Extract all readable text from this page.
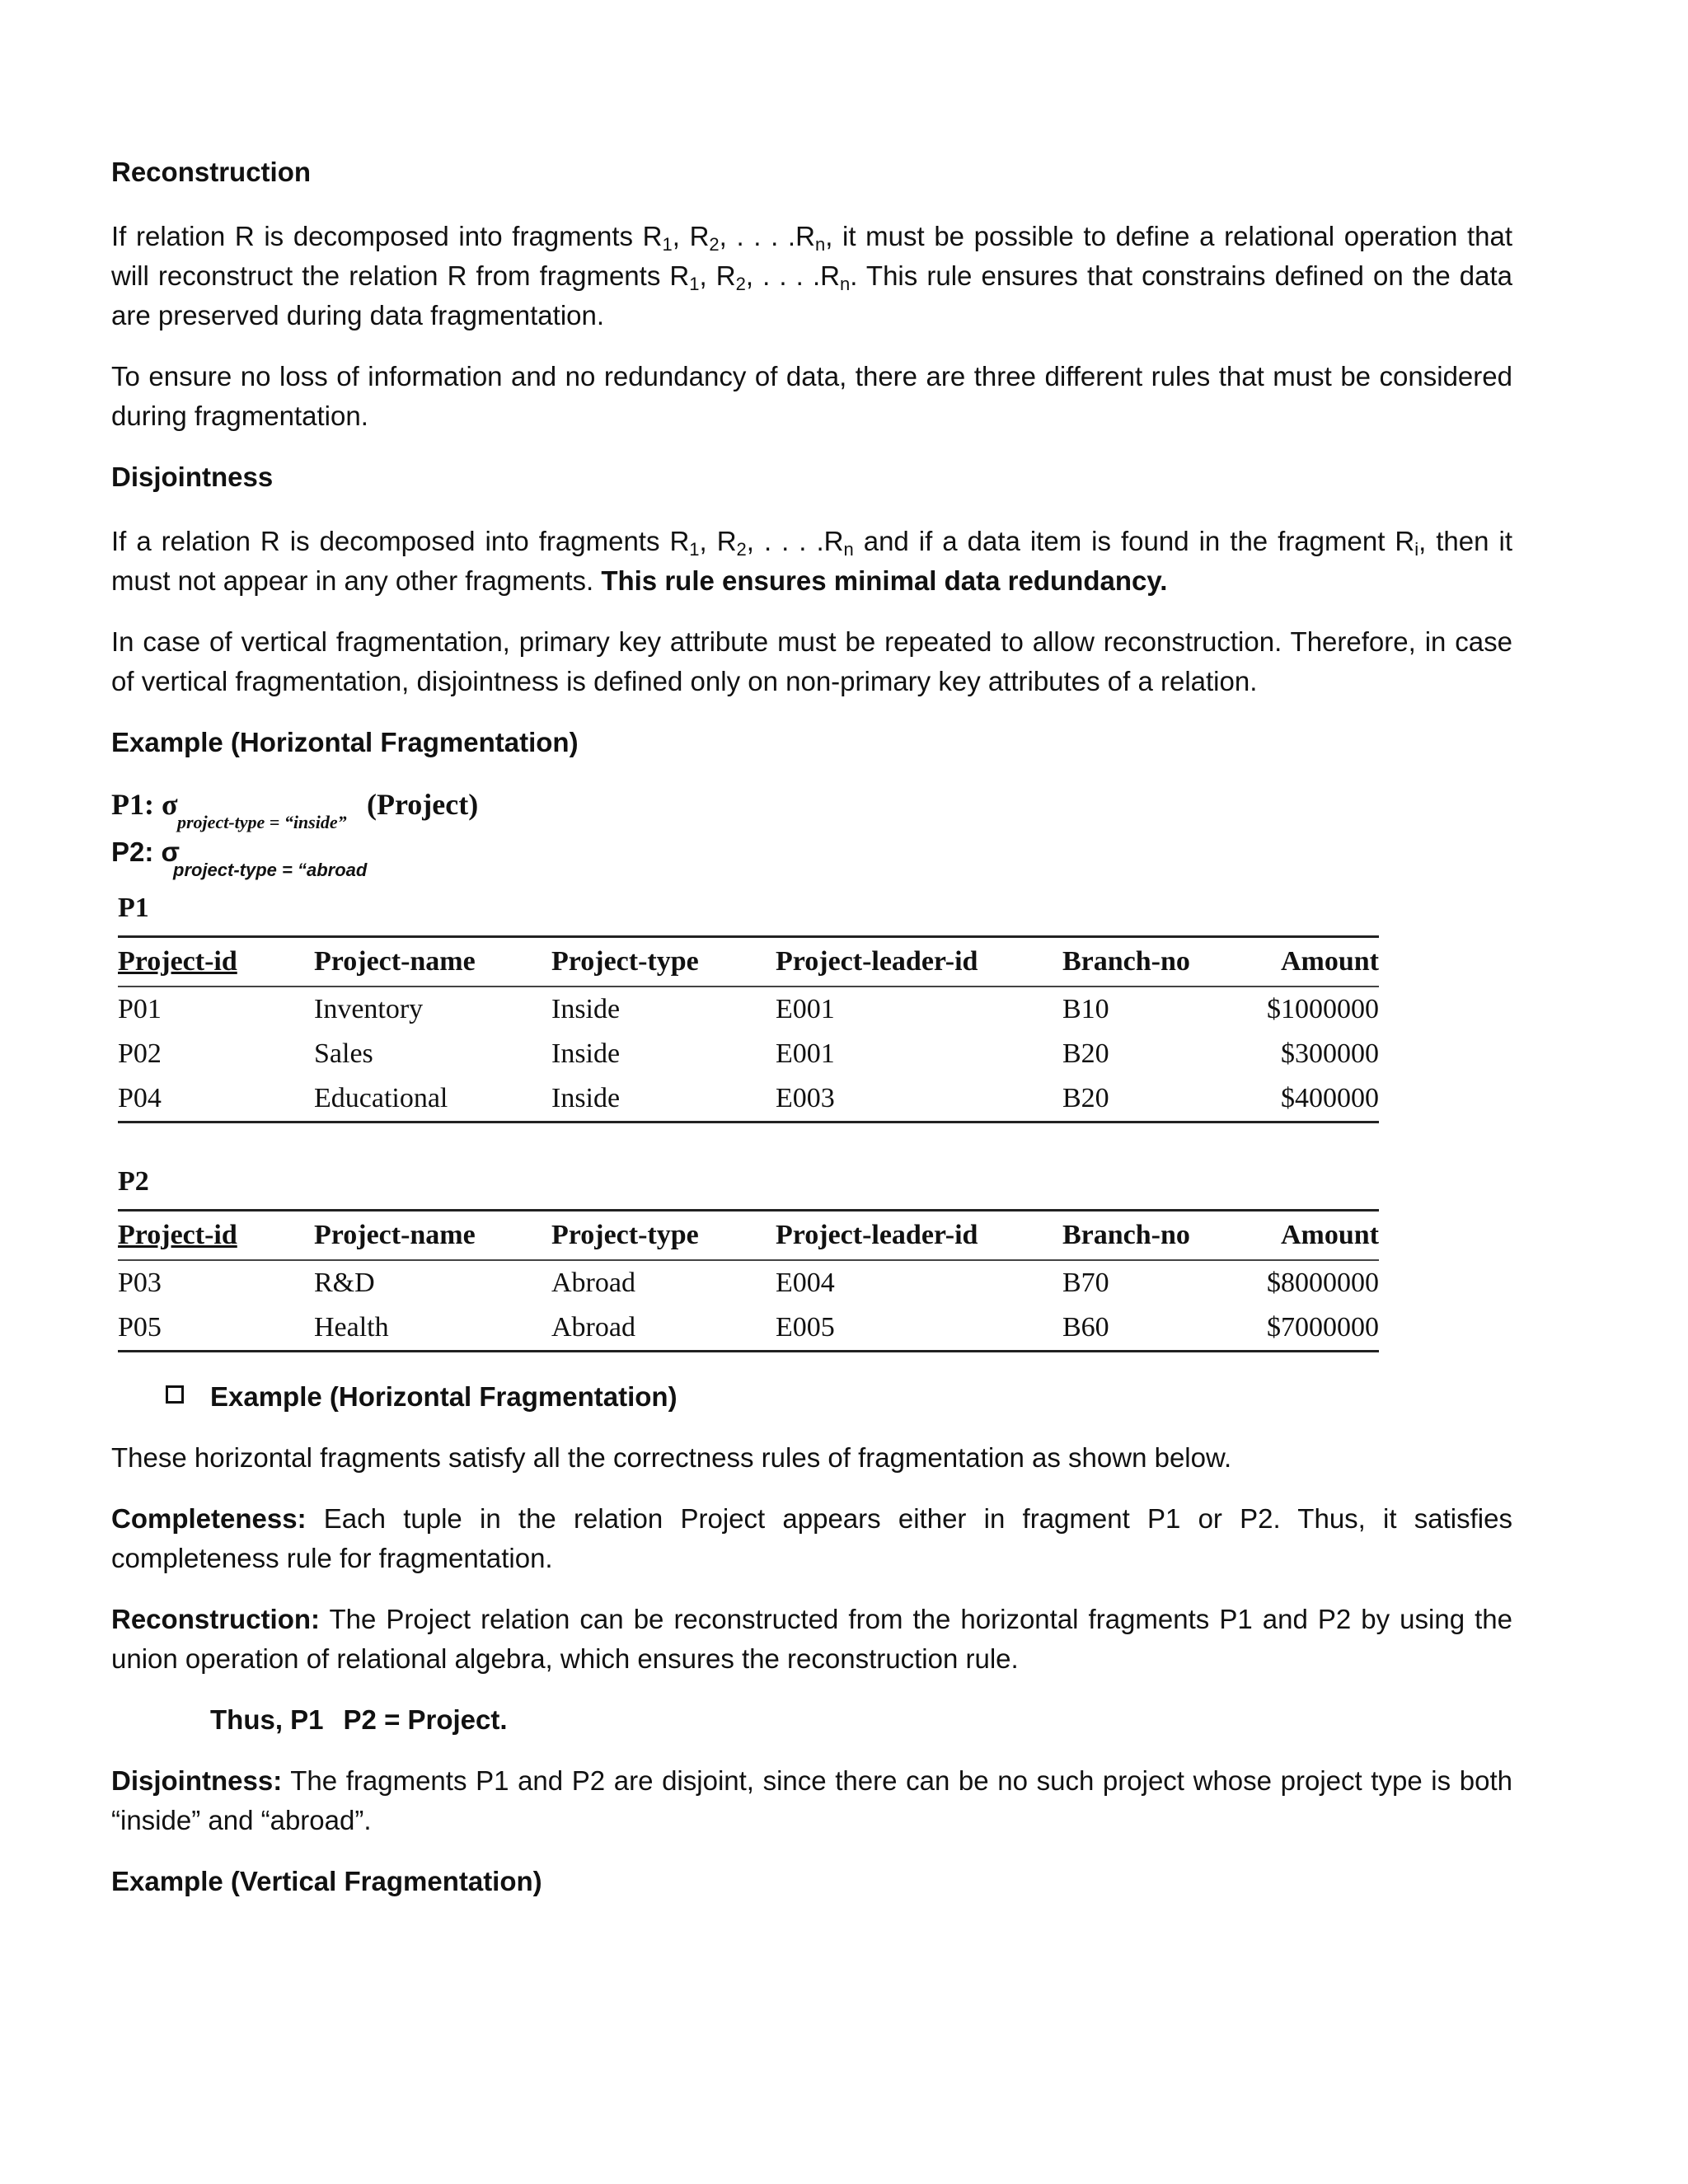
Reconstruction

If relation R is decomposed into fragments $R_1$, $R_2$, . . . $.R_n$, it must be possible to define a relational operation that will reconstruct the relation R from fragments $R_1$, $R_2$, . . . $.R_n$. This rule ensures that constrains defined on the data are preserved during data fragmentation.

To ensure no loss of information and no redundancy of data, there are three different rules that must be considered during fragmentation.

Disjointness

If a relation R is decomposed into fragments $R_1$, $R_2$, . . . $.R_n$ and if a data item is found in the fragment $R_i$, then it must not appear in any other fragments. This rule ensures minimal data redundancy.

In case of vertical fragmentation, primary key attribute must be repeated to allow reconstruction. Therefore, in case of vertical fragmentation, disjointness is defined only on non-primary key attributes of a relation.

Example (Horizontal Fragmentation)
P1: σ
project-type = “inside”
(Project)
P2: σ
project-type = “abroad
P1
Project-id	Project-name	Project-type	Project-leader-id	Branch-no	Amount
P01	Inventory	Inside	E001	B10	$1000000
P02	Sales	Inside	E001	B20	$300000
P04	Educational	Inside	E003	B20	$400000
P2
Project-id	Project-name	Project-type	Project-leader-id	Branch-no	Amount
P03	R&D	Abroad	E004	B70	$8000000
P05	Health	Abroad	E005	B60	$7000000
Example (Horizontal Fragmentation)

These horizontal fragments satisfy all the correctness rules of fragmentation as shown below.

Completeness: Each tuple in the relation Project appears either in fragment P1 or P2. Thus, it satisfies completeness rule for fragmentation.

Reconstruction: The Project relation can be reconstructed from the horizontal fragments P1 and P2 by using the union operation of relational algebra, which ensures the reconstruction rule.

Thus, P1 P2 = Project.

Disjointness: The fragments P1 and P2 are disjoint, since there can be no such project whose project type is both “inside” and “abroad”.

Example (Vertical Fragmentation)
